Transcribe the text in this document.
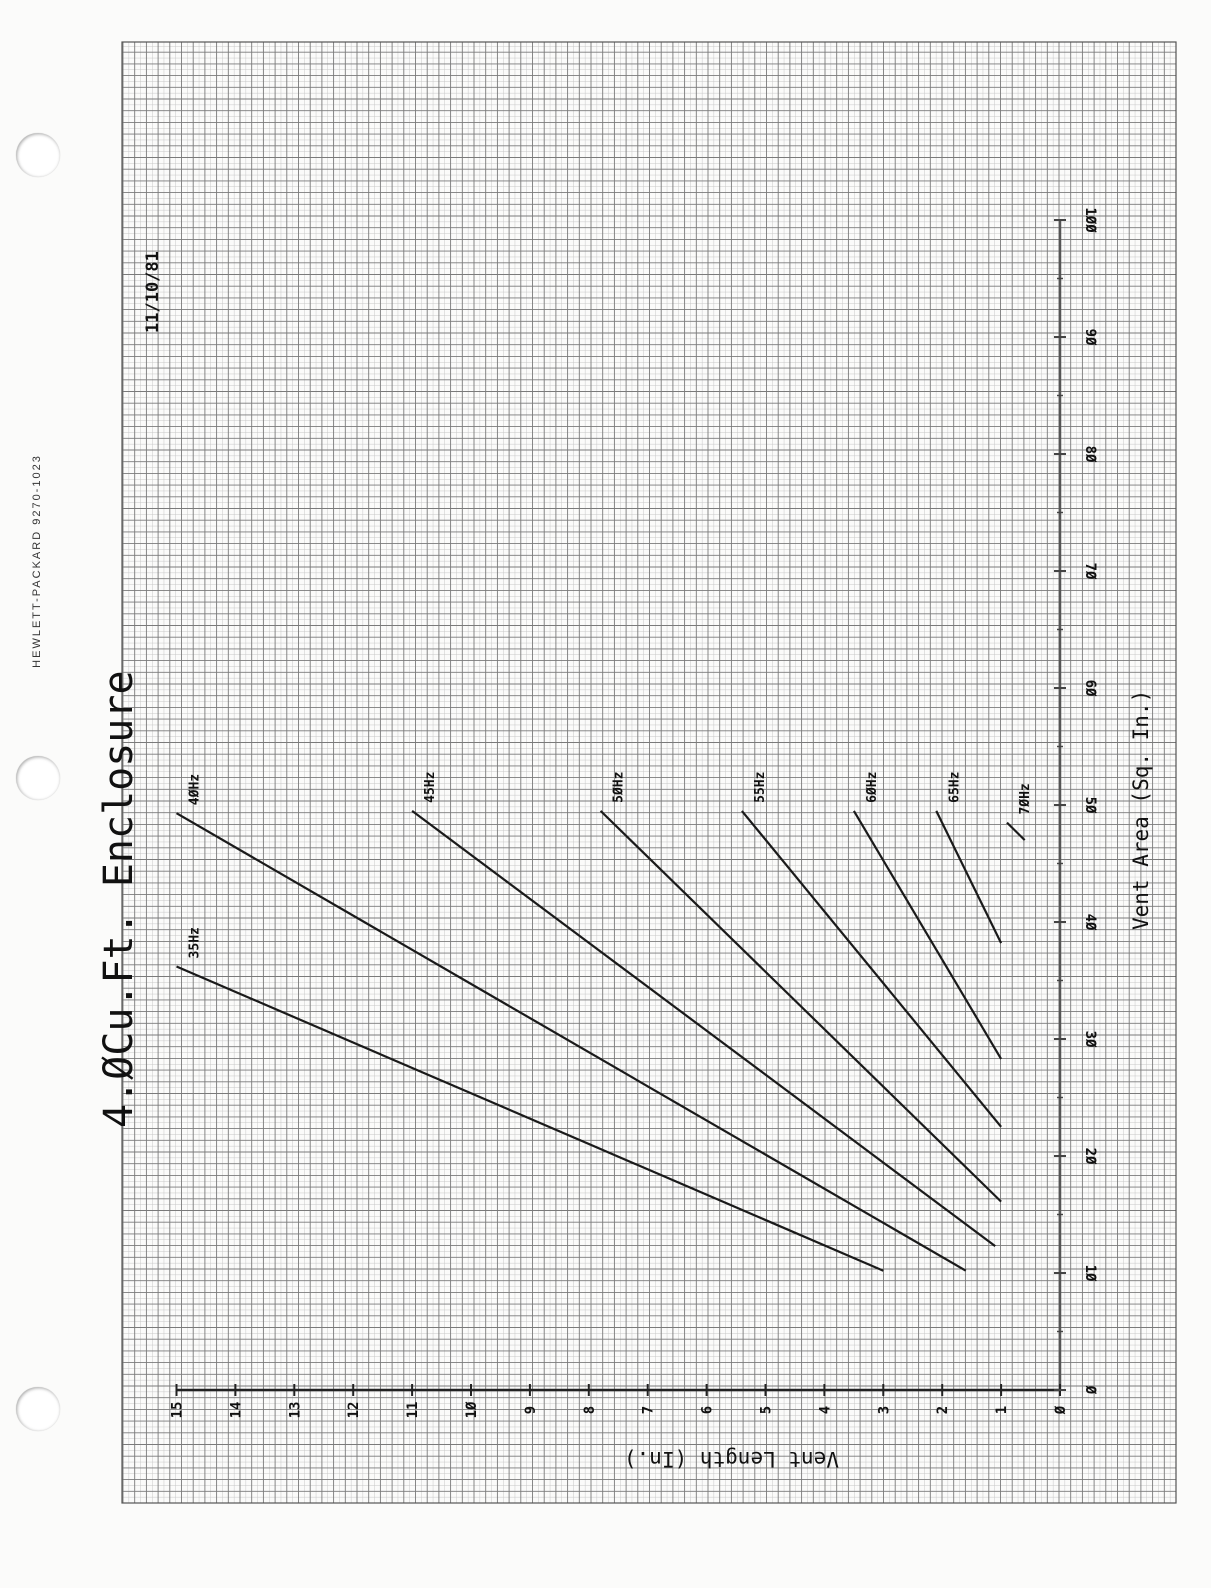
HEWLETT-PACKARD 9270-1023
Ø
1
2
3
4
5
6
7
8
9
1Ø
11
12
13
14
15
Ø
1Ø
2Ø
3Ø
4Ø
5Ø
6Ø
7Ø
8Ø
9Ø
1ØØ
35Hz
4ØHz	45Hz	5ØHz	55Hz	6ØHz	65Hz	7ØHz
4.ØCu.Ft. Enclosure
11/10/81
Vent Length (In.)
Vent Area (Sq. In.)
